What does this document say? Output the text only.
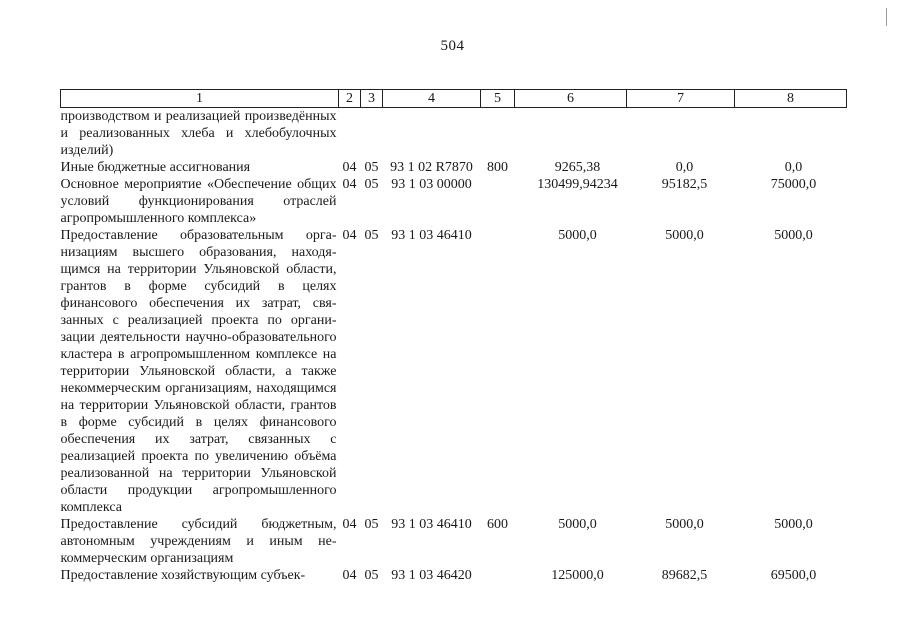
504
1	2	3	4	5	6	7	8
производством и реализацией произведённых и реализованных хлеба и хлебобулочных изделий)							
Иные бюджетные ассигнования	04	05	93 1 02 R7870	800	9265,38	0,0	0,0
Основное мероприятие «Обеспечение общих условий функционирования отраслей агропромышленного комплекса»	04	05	93 1 03 00000		130499,94234	95182,5	75000,0
Предоставление образовательным организациям высшего образования, находящимся на территории Ульяновской области, грантов в форме субсидий в целях финансового обеспечения их затрат, связанных с реализацией проекта по организации деятельности научно-образовательного кластера в агропромышленном комплексе на территории Ульяновской области, а также некоммерческим организациям, находящимся на территории Ульяновской области, грантов в форме субсидий в целях финансового обеспечения их затрат, связанных с реализацией проекта по увеличению объёма реализованной на территории Ульяновской области продукции агропромышленного комплекса	04	05	93 1 03 46410		5000,0	5000,0	5000,0
Предоставление субсидий бюджетным, автономным учреждениям и иным некоммерческим организациям	04	05	93 1 03 46410	600	5000,0	5000,0	5000,0
Предоставление хозяйствующим субъек-	04	05	93 1 03 46420		125000,0	89682,5	69500,0
